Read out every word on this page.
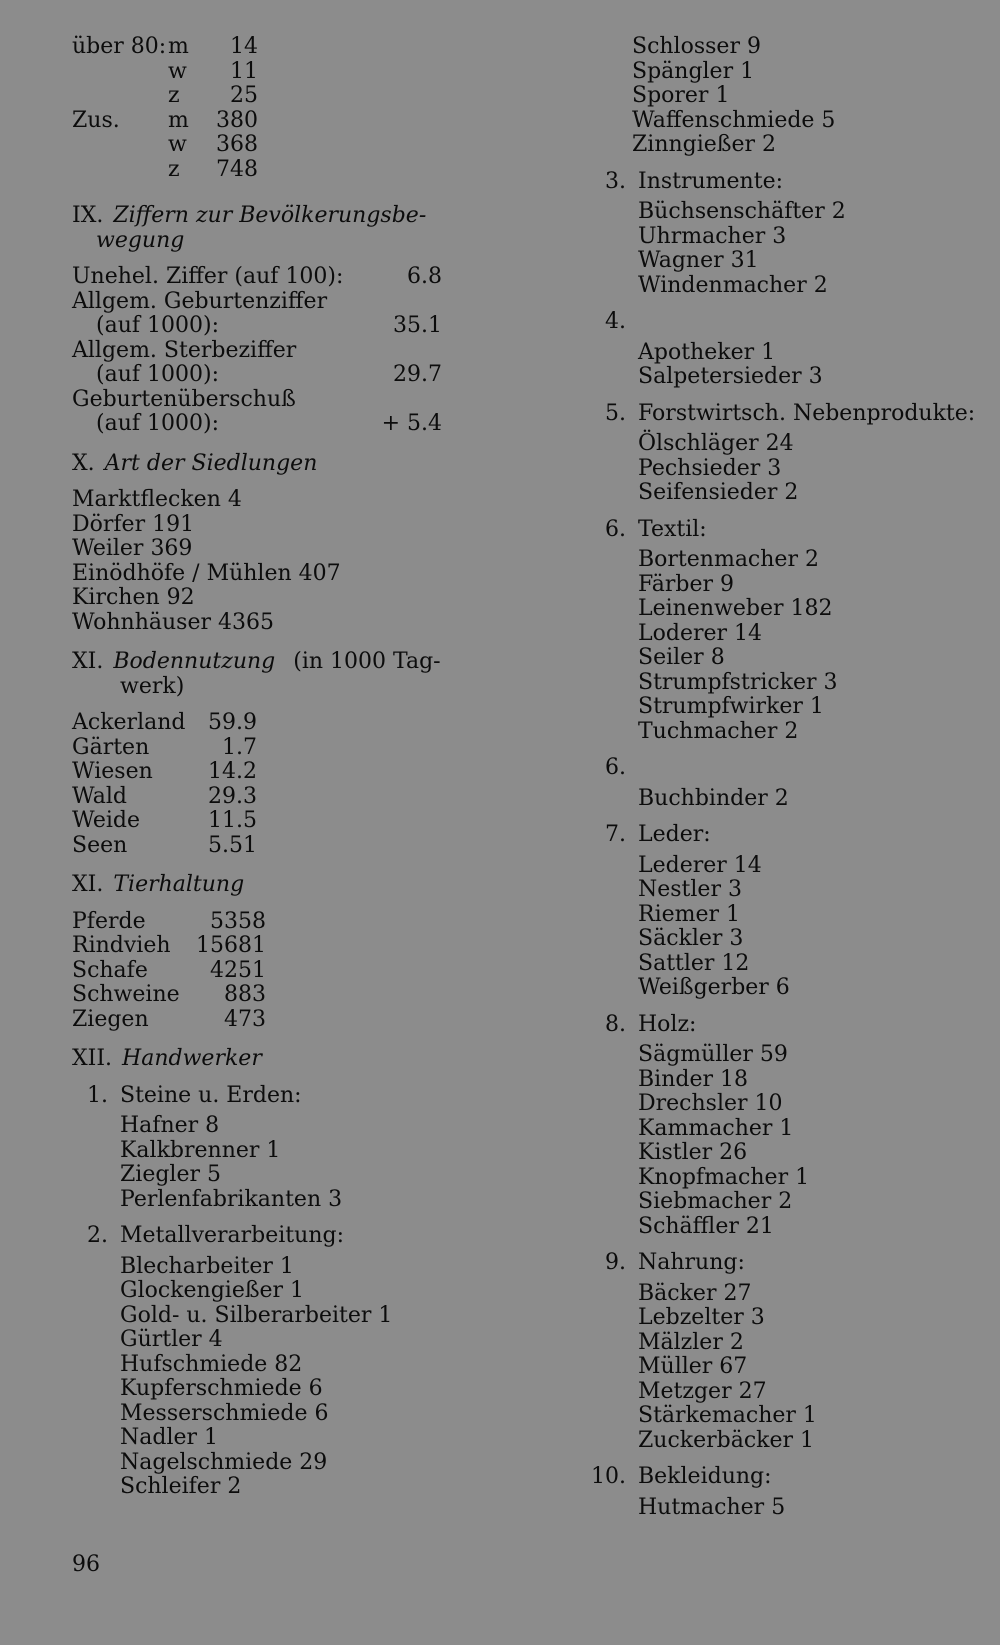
über 80: m	14
w	11
z	25
Zus.	m	380
w	368
z	748
IX. Ziffern zur Bevölkerungsbe-
wegung
Unehel. Ziffer (auf 100):	6.8
Allgem. Geburtenziffer
(auf 1000):	35.1
Allgem. Sterbeziffer
(auf 1000):	29.7
Geburtenüberschuß
(auf 1000):	+ 5.4
X. Art der Siedlungen
Marktflecken 4
Dörfer 191
Weiler 369
Einödhöfe / Mühlen 407
Kirchen 92
Wohnhäuser 4365
XI. Bodennutzung (in 1000 Tag-
werk)
Ackerland	59.9
Gärten	1.7
Wiesen	14.2
Wald	29.3
Weide	11.5
Seen	5.51
XI. Tierhaltung
Pferde	5358
Rindvieh	15681
Schafe	4251
Schweine	883
Ziegen	473
XII. Handwerker
1. Steine u. Erden:
Hafner 8
Kalkbrenner 1
Ziegler 5
Perlenfabrikanten 3
2. Metallverarbeitung:
Blecharbeiter 1
Glockengießer 1
Gold- u. Silberarbeiter 1
Gürtler 4
Hufschmiede 82
Kupferschmiede 6
Messerschmiede 6
Nadler 1
Nagelschmiede 29
Schleifer 2
Schlosser 9
Spängler 1
Sporer 1
Waffenschmiede 5
Zinngießer 2
3. Instrumente:
Büchsenschäfter 2
Uhrmacher 3
Wagner 31
Windenmacher 2
4.
Apotheker 1
Salpetersieder 3
5. Forstwirtsch. Nebenprodukte:
Ölschläger 24
Pechsieder 3
Seifensieder 2
6. Textil:
Bortenmacher 2
Färber 9
Leinenweber 182
Loderer 14
Seiler 8
Strumpfstricker 3
Strumpfwirker 1
Tuchmacher 2
6.
Buchbinder 2
7. Leder:
Lederer 14
Nestler 3
Riemer 1
Säckler 3
Sattler 12
Weißgerber 6
8. Holz:
Sägmüller 59
Binder 18
Drechsler 10
Kammacher 1
Kistler 26
Knopfmacher 1
Siebmacher 2
Schäffler 21
9. Nahrung:
Bäcker 27
Lebzelter 3
Mälzler 2
Müller 67
Metzger 27
Stärkemacher 1
Zuckerbäcker 1
10. Bekleidung:
Hutmacher 5
96
